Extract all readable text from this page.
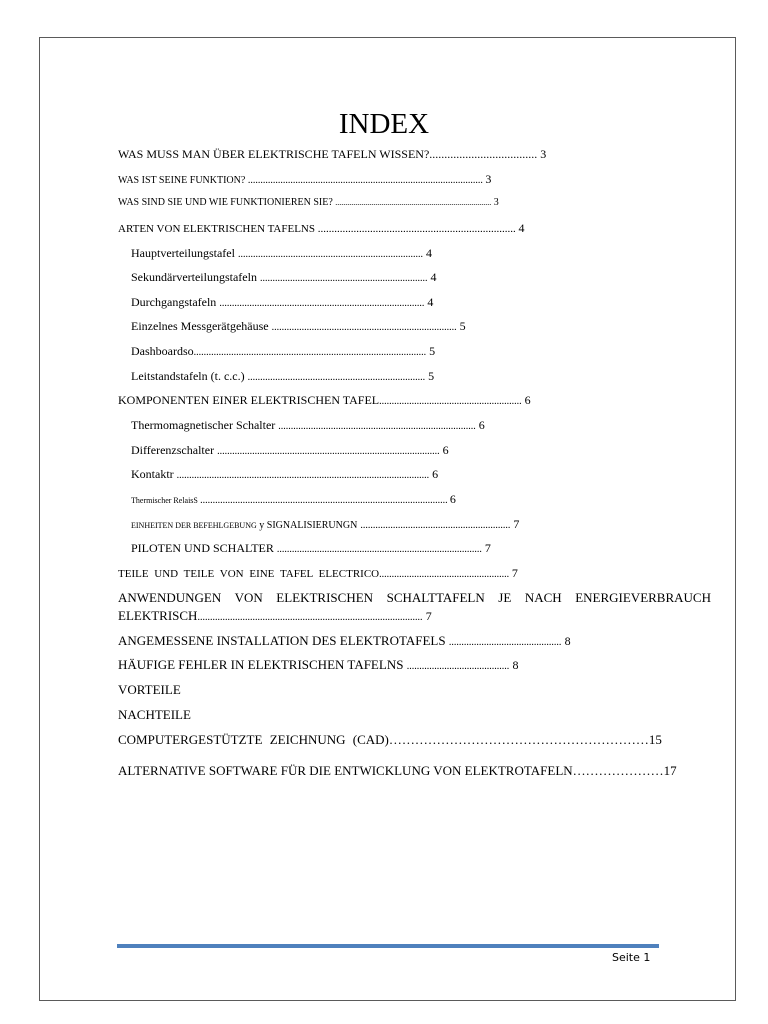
INDEX
WAS MUSS MAN ÜBER ELEKTRISCHE TAFELN WISSEN?.................................... 3
WAS IST SEINE FUNKTION? .............................................................................................. 3
WAS SIND SIE UND WIE FUNKTIONIEREN SIE? .............................................................................. 3
ARTEN VON ELEKTRISCHEN TAFELNS ........................................................................ 4
Hauptverteilungstafel .......................................................................... 4
Sekundärverteilungstafeln ................................................................... 4
Durchgangstafeln .................................................................................. 4
Einzelnes Messgerätgehäuse .......................................................................... 5
Dashboardso............................................................................................. 5
Leitstandstafeln (t. c.c.) ....................................................................... 5
KOMPONENTEN EINER ELEKTRISCHEN TAFEL......................................................... 6
Thermomagnetischer Schalter ............................................................................... 6
Differenzschalter ......................................................................................... 6
Kontaktr ..................................................................................................... 6
Thermischer RelaisS ................................................................................................... 6
EINHEITEN DER BEFEHLGEBUNG y SIGNALISIERUNGN ............................................................ 7
PILOTEN UND SCHALTER .................................................................................. 7
TEILE UND TEILE VON EINE TAFEL ELECTRICO.................................................... 7
ANWENDUNGEN VON ELEKTRISCHEN SCHALTTAFELN JE NACH ENERGIEVERBRAUCH
ELEKTRISCH.......................................................................................... 7
ANGEMESSENE INSTALLATION DES ELEKTROTAFELS ............................................. 8
HÄUFIGE FEHLER IN ELEKTRISCHEN TAFELNS ......................................... 8
VORTEILE
NACHTEILE
COMPUTERGESTÜTZTE ZEICHNUNG (CAD)……………………………………………………15
ALTERNATIVE SOFTWARE FÜR DIE ENTWICKLUNG VON ELEKTROTAFELN…………………17
Seite 1
